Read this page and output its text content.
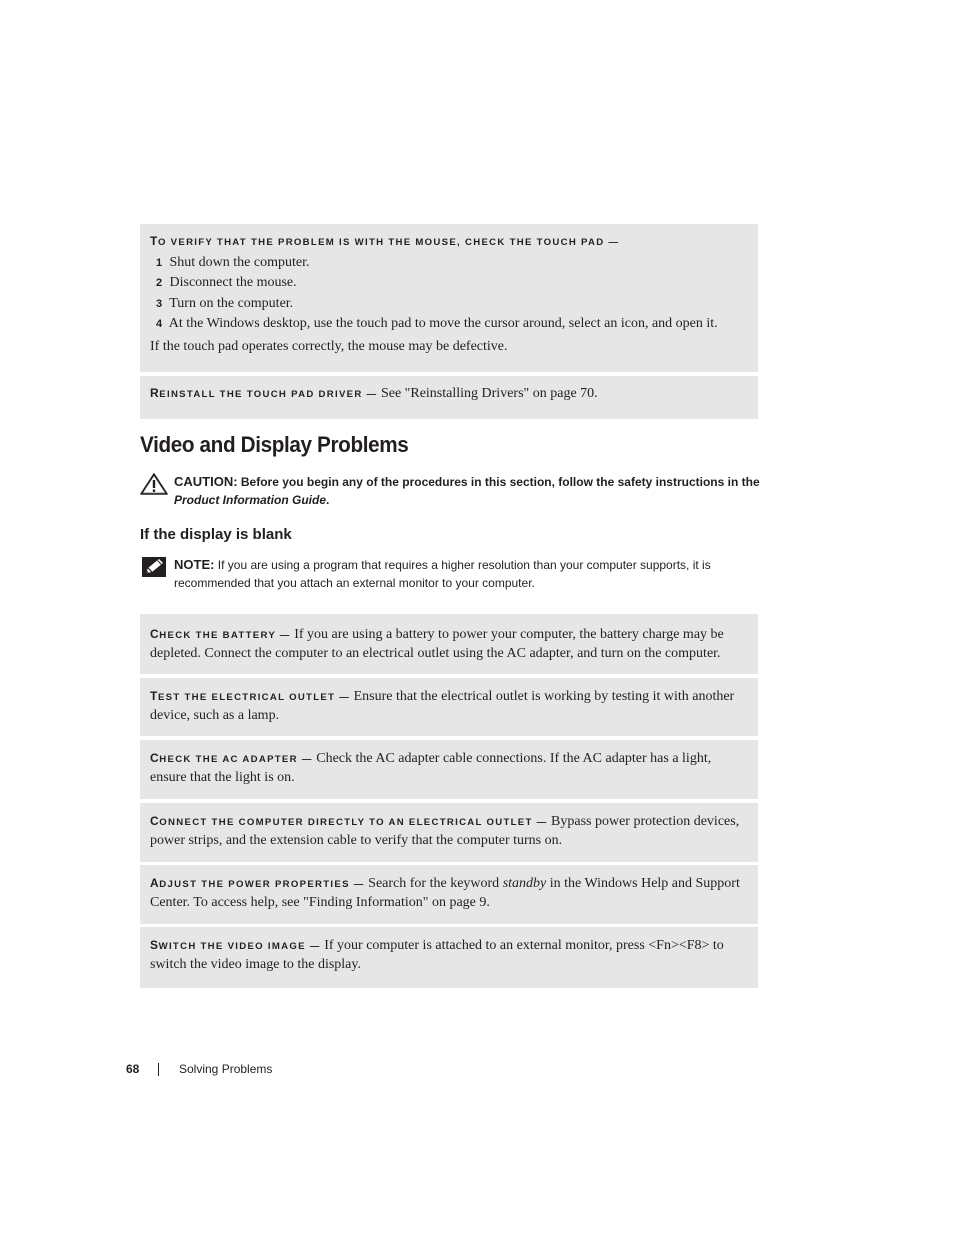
TO VERIFY THAT THE PROBLEM IS WITH THE MOUSE, CHECK THE TOUCH PAD —
1 Shut down the computer.
2 Disconnect the mouse.
3 Turn on the computer.
4 At the Windows desktop, use the touch pad to move the cursor around, select an icon, and open it.
If the touch pad operates correctly, the mouse may be defective.
REINSTALL THE TOUCH PAD DRIVER — See "Reinstalling Drivers" on page 70.
Video and Display Problems
CAUTION: Before you begin any of the procedures in this section, follow the safety instructions in the
Product Information Guide.
If the display is blank
NOTE: If you are using a program that requires a higher resolution than your computer supports, it is recommended that you attach an external monitor to your computer.
CHECK THE BATTERY — If you are using a battery to power your computer, the battery charge may be depleted. Connect the computer to an electrical outlet using the AC adapter, and turn on the computer.
TEST THE ELECTRICAL OUTLET — Ensure that the electrical outlet is working by testing it with another device, such as a lamp.
CHECK THE AC ADAPTER — Check the AC adapter cable connections. If the AC adapter has a light, ensure that the light is on.
CONNECT THE COMPUTER DIRECTLY TO AN ELECTRICAL OUTLET — Bypass power protection devices, power strips, and the extension cable to verify that the computer turns on.
ADJUST THE POWER PROPERTIES — Search for the keyword standby in the Windows Help and Support Center. To access help, see "Finding Information" on page 9.
SWITCH THE VIDEO IMAGE — If your computer is attached to an external monitor, press <Fn><F8> to switch the video image to the display.
68	Solving Problems
